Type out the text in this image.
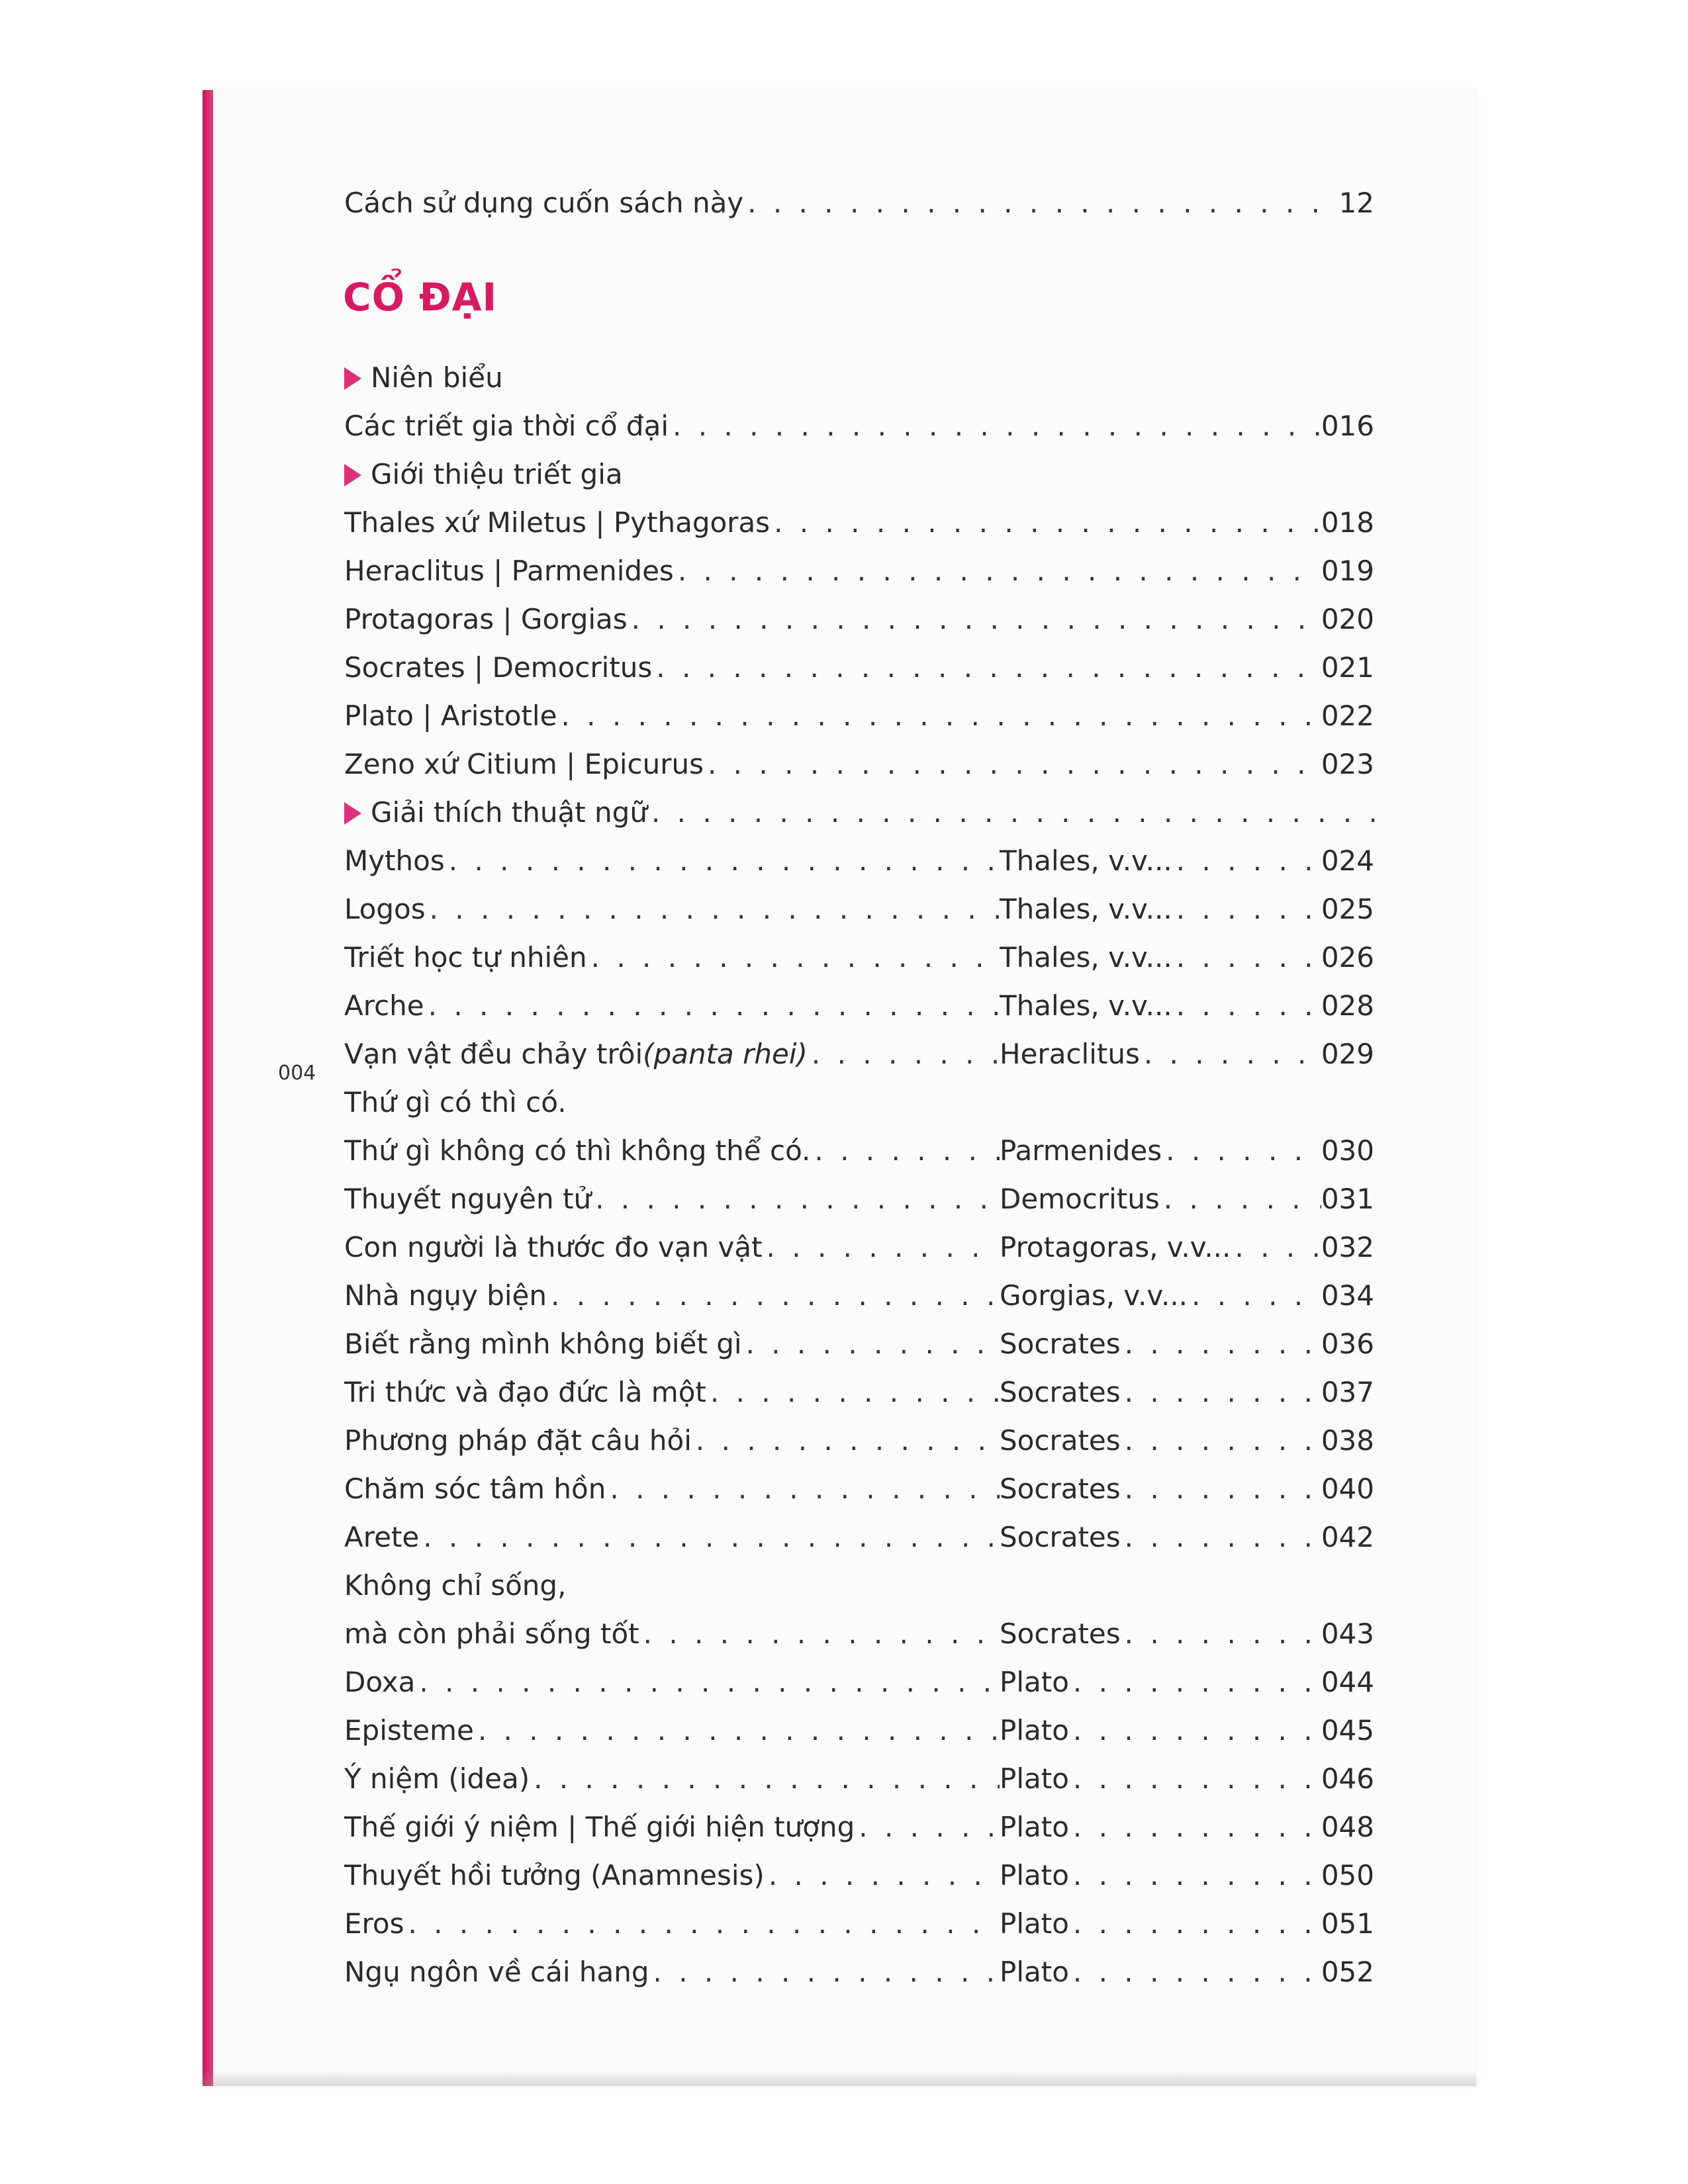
Cách sử dụng cuốn sách này . . .	12
CỔ ĐẠI
004
Niên biểu
Các triết gia thời cổ đại . . .	016
Giới thiệu triết gia
Thales xứ Miletus | Pythagoras . . .	018
Heraclitus | Parmenides . . .	019
Protagoras | Gorgias . . .	020
Socrates | Democritus . . .	021
Plato | Aristotle . . .	022
Zeno xứ Citium | Epicurus . . .	023
Giải thích thuật ngữ
. . .
Mythos . . .	Thales, v.v... . . .	024
Logos . . .	Thales, v.v... . . .	025
Triết học tự nhiên . . .	Thales, v.v... . . .	026
Arche . . .	Thales, v.v... . . .	028
Vạn vật đều chảy trôi (panta rhei) . . .	Heraclitus . . .	029
Thứ gì có thì có.
Thứ gì không có thì không thể có. . . .	Parmenides . . .	030
Thuyết nguyên tử . . .	Democritus . . .	031
Con người là thước đo vạn vật . . .	Protagoras, v.v... . . .	032
Nhà ngụy biện . . .	Gorgias, v.v... . . .	034
Biết rằng mình không biết gì . . .	Socrates . . .	036
Tri thức và đạo đức là một . . .	Socrates . . .	037
Phương pháp đặt câu hỏi . . .	Socrates . . .	038
Chăm sóc tâm hồn . . .	Socrates . . .	040
Arete . . .	Socrates . . .	042
Không chỉ sống,
mà còn phải sống tốt . . .	Socrates . . .	043
Doxa . . .	Plato . . .	044
Episteme . . .	Plato . . .	045
Ý niệm (idea) . . .	Plato . . .	046
Thế giới ý niệm | Thế giới hiện tượng . . .	Plato . . .	048
Thuyết hồi tưởng (Anamnesis) . . .	Plato . . .	050
Eros . . .	Plato . . .	051
Ngụ ngôn về cái hang . . .	Plato . . .	052
